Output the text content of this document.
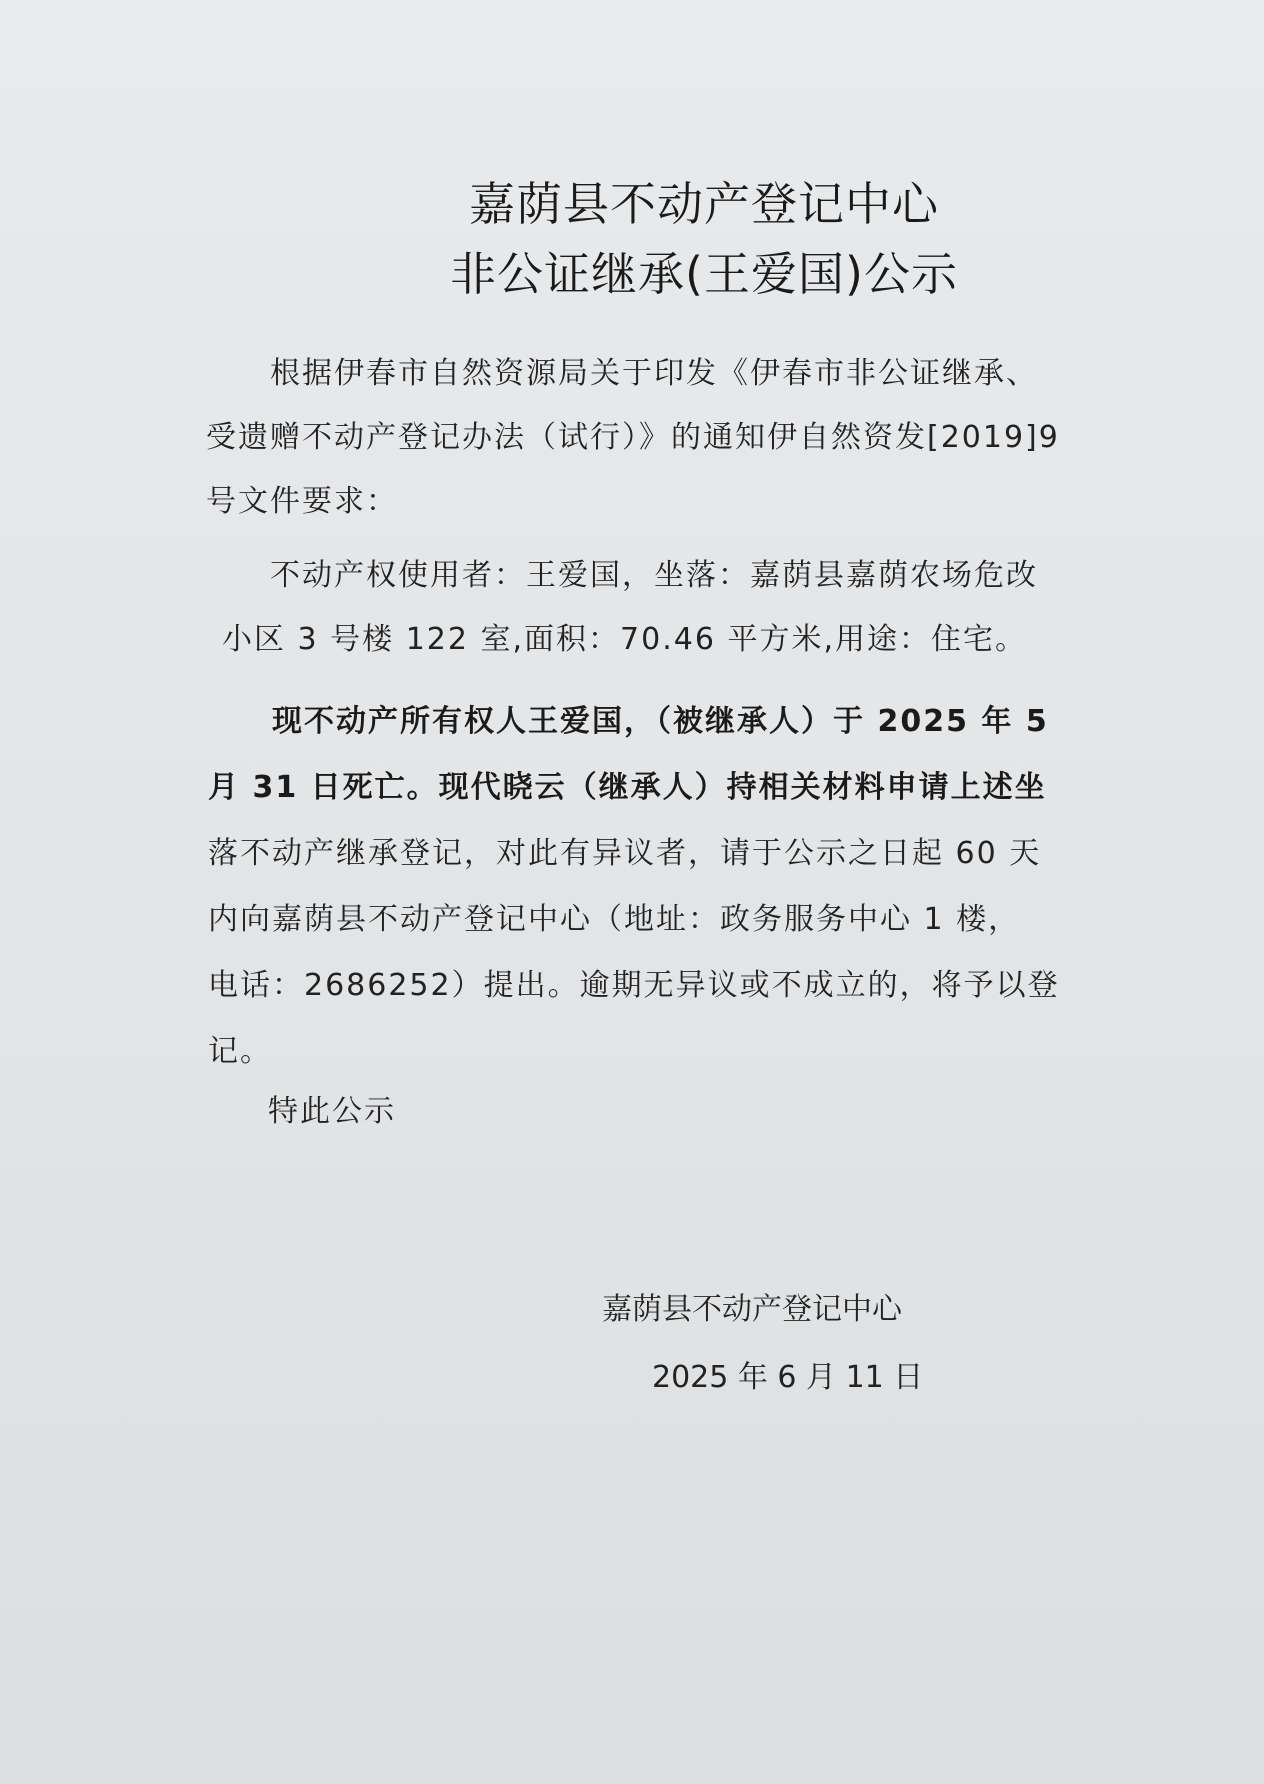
嘉荫县不动产登记中心
非公证继承(王爱国)公示
根据伊春市自然资源局关于印发《伊春市非公证继承、
受遗赠不动产登记办法（试行）》的通知伊自然资发[2019]9
号文件要求：
不动产权使用者：王爱国，坐落：嘉荫县嘉荫农场危改
小区 3 号楼 122 室,面积：70.46 平方米,用途：住宅。
现不动产所有权人王爱国，（被继承人）于 2025 年 5
月 31 日死亡。现代晓云（继承人）持相关材料申请上述坐
落不动产继承登记，对此有异议者，请于公示之日起 60 天
内向嘉荫县不动产登记中心（地址：政务服务中心 1 楼，
电话：2686252）提出。逾期无异议或不成立的，将予以登
记。
特此公示
嘉荫县不动产登记中心
2025 年 6 月 11 日
